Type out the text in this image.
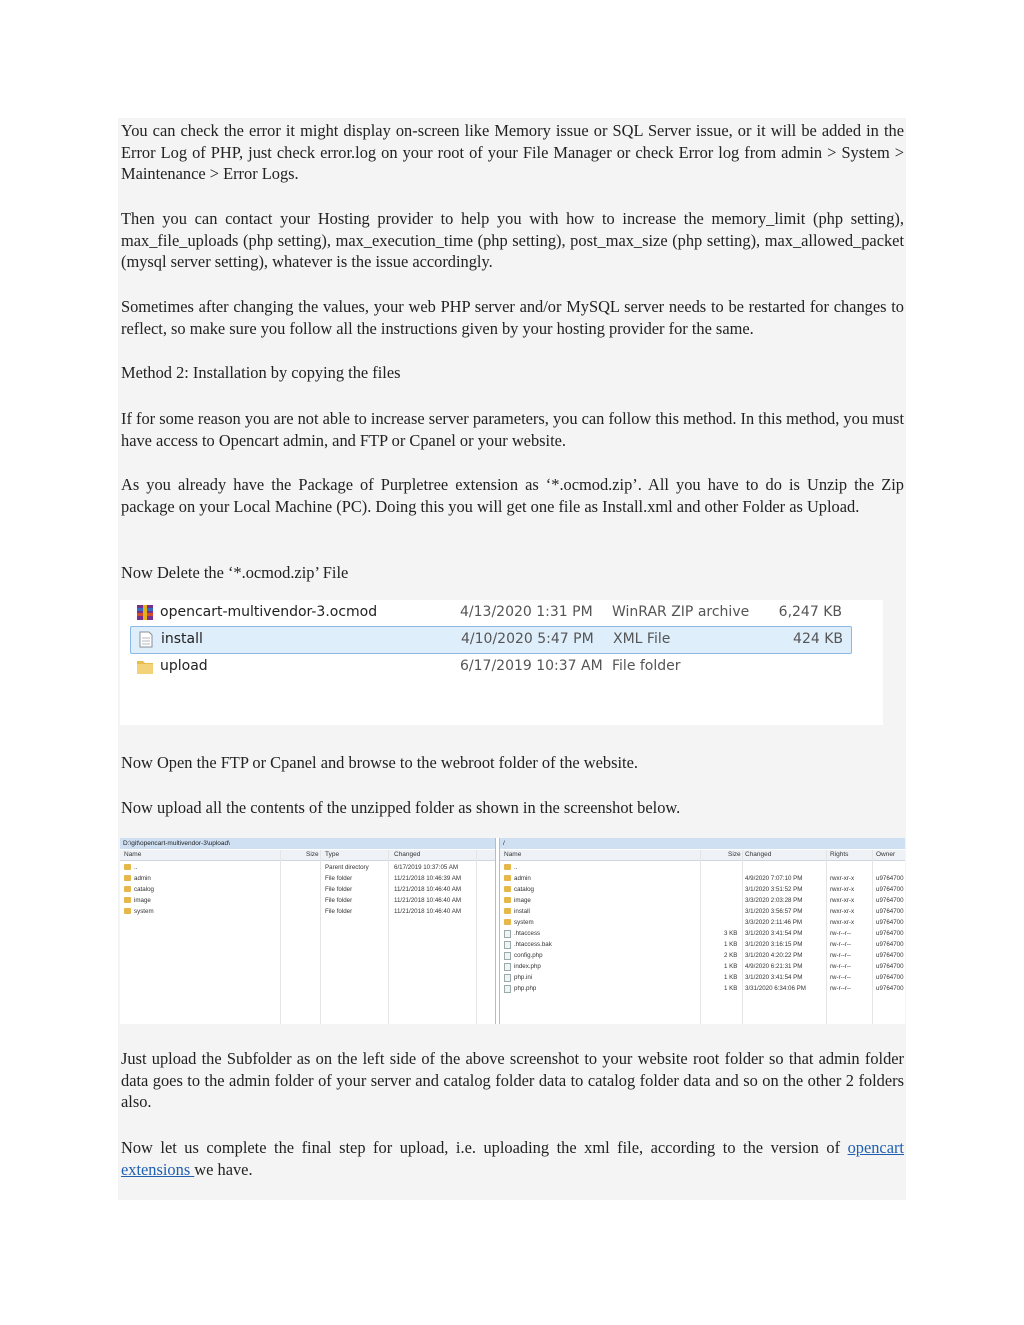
You can check the error it might display on-screen like Memory issue or SQL Server issue, or it will be added in the Error Log of PHP, just check error.log on your root of your File Manager or check Error log from admin > System > Maintenance > Error Logs.

Then you can contact your Hosting provider to help you with how to increase the memory_limit (php setting), max_file_uploads (php setting), max_execution_time (php setting), post_max_size (php setting), max_allowed_packet (mysql server setting), whatever is the issue accordingly.

Sometimes after changing the values, your web PHP server and/or MySQL server needs to be restarted for changes to reflect, so make sure you follow all the instructions given by your hosting provider for the same.

Method 2: Installation by copying the files

If for some reason you are not able to increase server parameters, you can follow this method. In this method, you must have access to Opencart admin, and FTP or Cpanel or your website.

As you already have the Package of Purpletree extension as ‘*.ocmod.zip’. All you have to do is Unzip the Zip package on your Local Machine (PC). Doing this you will get one file as Install.xml and other Folder as Upload.

Now Delete the ‘*.ocmod.zip’ File

opencart-multivendor-3.ocmod	4/13/2020 1:31 PM WinRAR ZIP archive 6,247 KB
install	4/10/2020 5:47 PM XML File	424 KB
upload	6/17/2019 10:37 AM File folder

Now Open the FTP or Cpanel and browse to the webroot folder of the website.

Now upload all the contents of the unzipped folder as shown in the screenshot below.

D:\git\opencart-multivendor-3\upload\
Name	Size Type	Changed
..	Parent directory	6/17/2019 10:37:05 AM
admin	File folder	11/21/2018 10:46:39 AM
catalog	File folder	11/21/2018 10:46:40 AM
image	File folder	11/21/2018 10:46:40 AM
system	File folder	11/21/2018 10:46:40 AM
/
Name	Size Changed	Rights	Owner
..
admin	4/9/2020 7:07:10 PM	rwxr-xr-x	u9764700
catalog	3/1/2020 3:51:52 PM	rwxr-xr-x	u9764700
image	3/3/2020 2:03:28 PM	rwxr-xr-x	u9764700
install	3/1/2020 3:56:57 PM	rwxr-xr-x	u9764700
system	3/3/2020 2:11:46 PM	rwxr-xr-x	u9764700
.htaccess	3 KB 3/1/2020 3:41:54 PM	rw-r--r--	u9764700
.htaccess.bak	1 KB 3/1/2020 3:16:15 PM	rw-r--r--	u9764700
config.php	2 KB 3/1/2020 4:20:22 PM	rw-r--r--	u9764700
index.php	1 KB 4/9/2020 6:21:31 PM	rw-r--r--	u9764700
php.ini	1 KB 3/1/2020 3:41:54 PM	rw-r--r--	u9764700
php.php	1 KB 3/31/2020 6:34:06 PM	rw-r--r--	u9764700

Just upload the Subfolder as on the left side of the above screenshot to your website root folder so that admin folder data goes to the admin folder of your server and catalog folder data to catalog folder data and so on the other 2 folders also.

Now let us complete the final step for upload, i.e. uploading the xml file, according to the version of opencart extensions we have.
